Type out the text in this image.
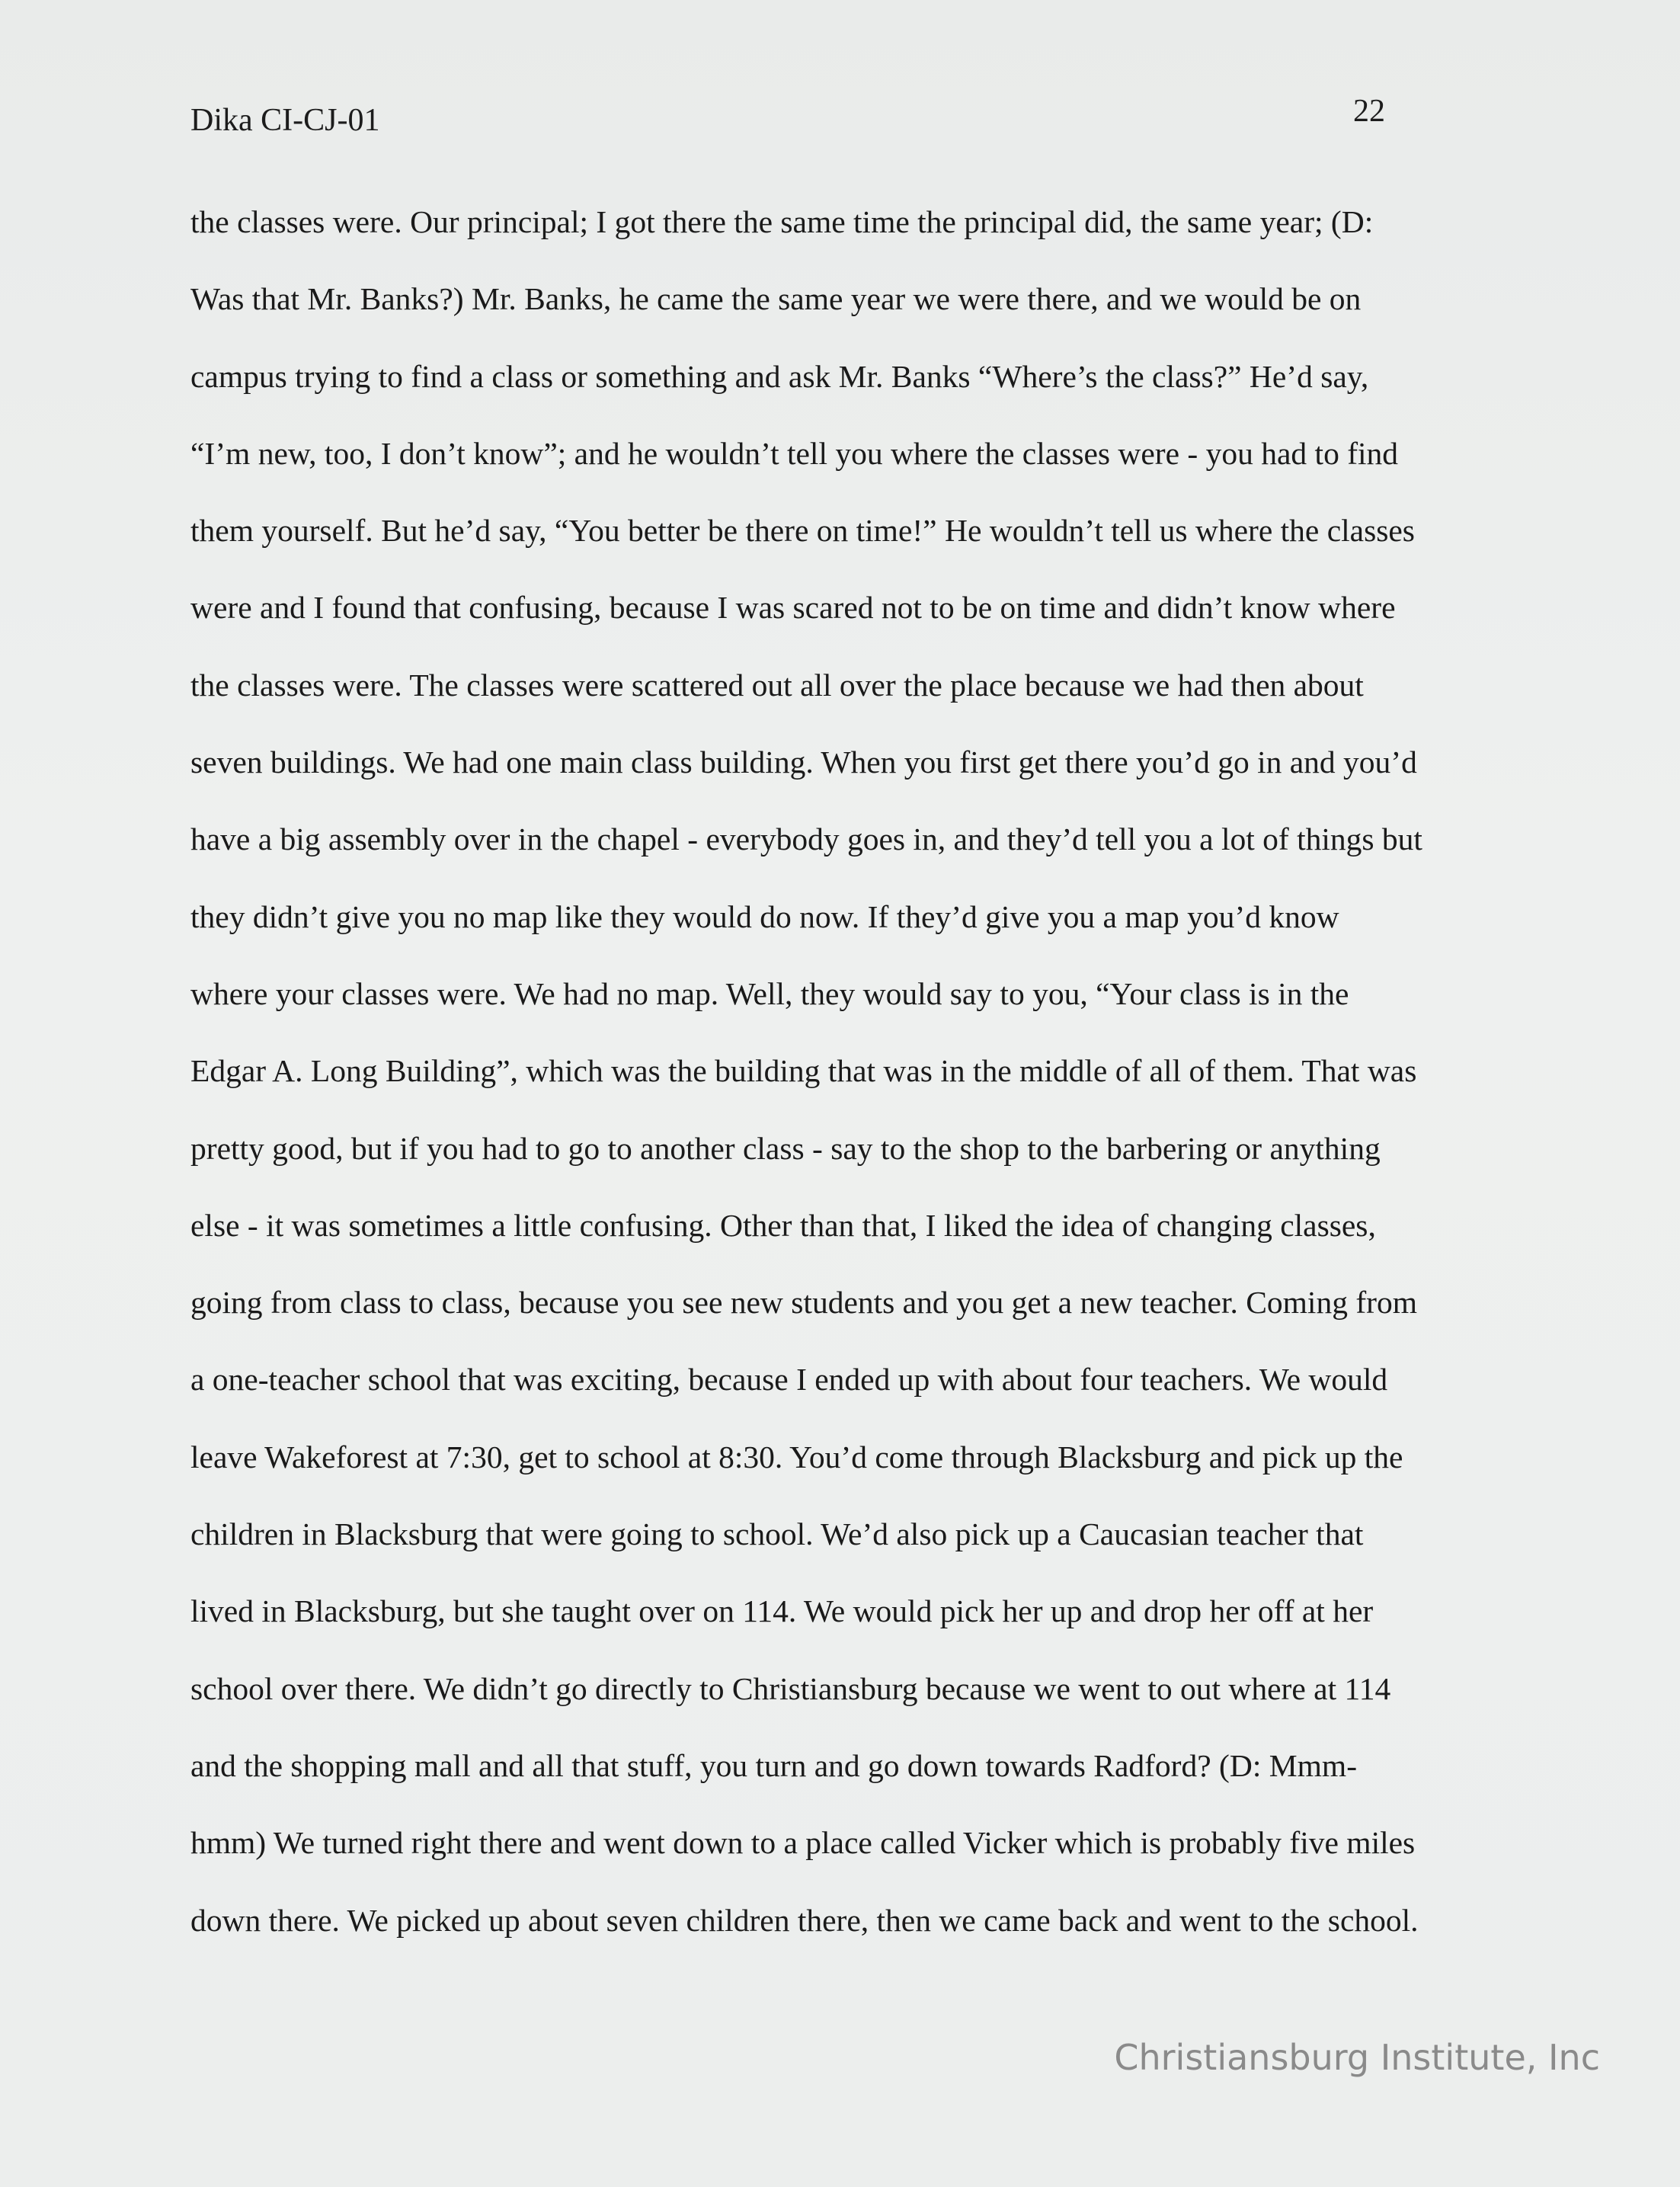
Dika CI-CJ-01	22
the classes were. Our principal; I got there the same time the principal did, the same year; (D:
Was that Mr. Banks?) Mr. Banks, he came the same year we were there, and we would be on
campus trying to find a class or something and ask Mr. Banks “Where’s the class?” He’d say,
“I’m new, too, I don’t know”; and he wouldn’t tell you where the classes were - you had to find
them yourself. But he’d say, “You better be there on time!” He wouldn’t tell us where the classes
were and I found that confusing, because I was scared not to be on time and didn’t know where
the classes were. The classes were scattered out all over the place because we had then about
seven buildings. We had one main class building. When you first get there you’d go in and you’d
have a big assembly over in the chapel - everybody goes in, and they’d tell you a lot of things but
they didn’t give you no map like they would do now. If they’d give you a map you’d know
where your classes were. We had no map. Well, they would say to you, “Your class is in the
Edgar A. Long Building”, which was the building that was in the middle of all of them. That was
pretty good, but if you had to go to another class - say to the shop to the barbering or anything
else - it was sometimes a little confusing. Other than that, I liked the idea of changing classes,
going from class to class, because you see new students and you get a new teacher. Coming from
a one-teacher school that was exciting, because I ended up with about four teachers. We would
leave Wakeforest at 7:30, get to school at 8:30. You’d come through Blacksburg and pick up the
children in Blacksburg that were going to school. We’d also pick up a Caucasian teacher that
lived in Blacksburg, but she taught over on 114. We would pick her up and drop her off at her
school over there. We didn’t go directly to Christiansburg because we went to out where at 114
and the shopping mall and all that stuff, you turn and go down towards Radford? (D: Mmm-
hmm) We turned right there and went down to a place called Vicker which is probably five miles
down there. We picked up about seven children there, then we came back and went to the school.
Christiansburg Institute, Inc
